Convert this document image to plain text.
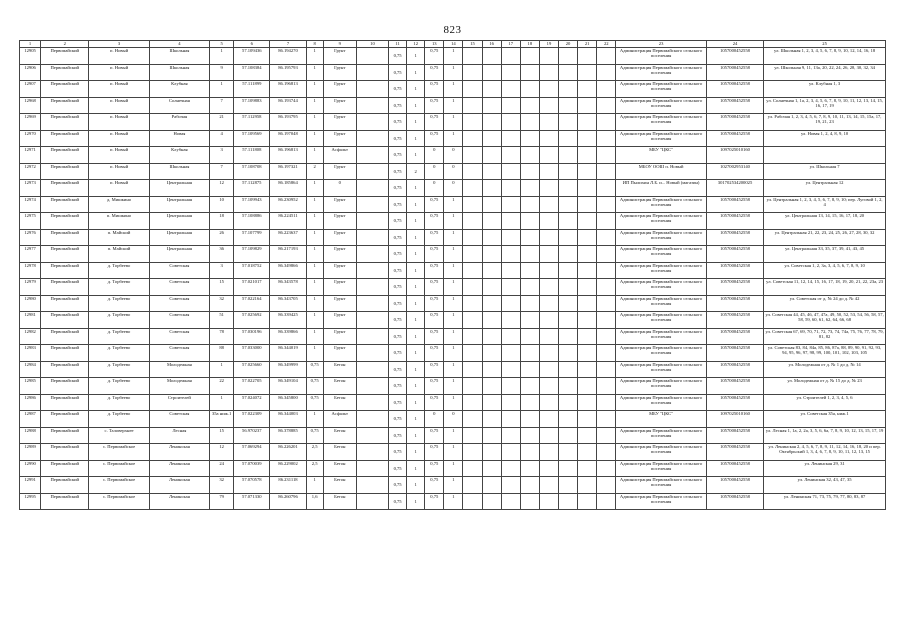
823
1	2	3	4	5	6	7	8	9	10	11	12	13	14	15	16	17	18	19	20	21	22	23	24	25
12905	Первомайский	п. Новый	Школьная	1	57.109436	86.194270	1	Грунт		0,75	1	0,75	1									Администрация Первомайского сельского поселения	1057000452558	ул. Школьная 1, 2, 3, 4, 5, 6, 7, 8, 9, 10, 12, 14, 16, 18
12906	Первомайский	п. Новый	Школьная	9	57.108384	86.195793	1	Грунт		0,75	1	0,75	1									Администрация Первомайского сельского поселения	1057000452558	ул. Школьная 9, 11, 13а, 20, 22, 24, 26, 28, 30, 32, 34
12907	Первомайский	п. Новый	Клубная	1	57.111899	86.196813	1	Грунт		0,75	1	0,75	1									Администрация Первомайского сельского поселения	1057000452558	ул. Клубная 1, 3
12968	Первомайский	п. Новый	Солнечная	7	57.109883	86.193744	1	Грунт		0,75	1	0,75	1									Администрация Первомайского сельского поселения	1057000452558	ул. Солнечная 1, 1а, 2, 3, 4, 5, 6, 7, 8, 9, 10, 11, 12, 13, 14, 15, 16, 17, 19
12969	Первомайский	п. Новый	Рабочая	21	57.112958	86.193795	1	Грунт		0,75	1	0,75	1									Администрация Первомайского сельского поселения	1057000452558	ул. Рабочая 1, 2, 3, 4, 5, 6, 7, 8, 9, 10, 11, 13, 14, 15, 15а, 17, 19, 21, 23
12970	Первомайский	п. Новый	Новая	4	57.109569	86.197048	1	Грунт		0,75	1	0,75	1									Администрация Первомайского сельского поселения	1057000452558	ул. Новая 1, 2, 4, 8, 9, 10
12971	Первомайский	п. Новый	Клубная	3	57.111808	86.196813	1	Асфальт		0,75	1	0	0									МБУ "ЦКС"	1097025010160	
12972	Первомайский	п. Новый	Школьная	7	57.108708	86.197321	2	Грунт		0,75	2	0	0									МБОУ ООШ п. Новый	1027002953140	ул. Школьная 7
12973	Первомайский	п. Новый	Центральная	12	57.112875	86.185864	1	0		0,75	1	0	0									ИП Пылихин Л.Б. и... Новый (магазин)	301702534200025	ул. Центральная 12
12974	Первомайский	д. Мишкино	Центральная	10	57.109943	86.230952	1	Грунт		0,75	1	0,75	1									Администрация Первомайского сельского поселения	1057000452558	ул. Центральная 1, 2, 3, 4, 5, 6, 7, 8, 9, 10; пер. Луговой 1, 2, 4
12975	Первомайский	п. Мишкино	Центральная	18	57.108886	86.224511	1	Грунт		0,75	1	0,75	1									Администрация Первомайского сельского поселения	1057000452558	ул. Центральная 13, 14, 15, 16, 17, 18, 20
12976	Первомайский	п. Майский	Центральная	26	57.107799	86.223637	1	Грунт		0,75	1	0,75	1									Администрация Первомайского сельского поселения	1057000452558	ул. Центральная 21, 22, 23, 24, 25, 26, 27, 28, 30, 32
12977	Первомайский	п. Майский	Центральная	36	57.109829	86.217193	1	Грунт		0,75	1	0,75	1									Администрация Первомайского сельского поселения	1057000452558	ул. Центральная 33, 35, 37, 39, 41, 43, 45
12978	Первомайский	д. Торбеево	Советская	3	57.018752	86.349866	1	Грунт		0,75	1	0,75	1									Администрация Первомайского сельского поселения	1057000452558	ул. Советская 1, 2, 3а, 3, 4, 5, 6, 7, 8, 9, 10
12979	Первомайский	д. Торбеево	Советская	15	57.021017	86.343578	1	Грунт		0,75	1	0,75	1									Администрация Первомайского сельского поселения	1057000452558	ул. Советская 11, 12, 14, 15, 16, 17, 18, 19, 20, 21, 22, 23а, 23
12980	Первомайский	д. Торбеево	Советская	32	57.022164	86.343705	1	Грунт		0,75	1	0,75	1									Администрация Первомайского сельского поселения	1057000452558	ул. Советская от д. № 24 до д. № 42
12981	Первомайский	д. Торбеево	Советская	51	57.025692	86.339425	1	Грунт		0,75	1	0,75	1									Администрация Первомайского сельского поселения	1057000452558	ул. Советская 44, 45, 46, 47, 47а, 49, 50, 52, 53, 54, 56, 58, 57, 58, 59, 60, 61, 62, 64, 66, 68
12982	Первомайский	д. Торбеево	Советская	78	57.030196	86.339866	1	Грунт		0,75	1	0,75	1									Администрация Первомайского сельского поселения	1057000452558	ул. Советская 67, 69, 70, 71, 72, 73, 74, 74а, 75, 76, 77, 78, 79, 81, 82
12983	Первомайский	д. Торбеево	Советская	88	57.033000	86.344019	1	Грунт		0,75	1	0,75	1									Администрация Первомайского сельского поселения	1057000452558	ул. Советская 83, 84, 84а, 85, 86, 87а, 88, 89, 90, 91, 92, 93, 94, 95, 96, 97, 98, 99, 100, 101, 102, 103, 105
12984	Первомайский	д. Торбеево	Молодежная	1	57.025660	86.349999	0,75	Бетон		0,75	1	0,75	1									Администрация Первомайского сельского поселения	1057000452558	ул. Молодежная от д. № 1 до д. № 14
12985	Первомайский	д. Торбеево	Молодежная	22	57.022705	86.349104	0,75	Бетон		0,75	1	0,75	1									Администрация Первомайского сельского поселения	1057000452558	ул. Молодежная от д. № 15 до д. № 23
12986	Первомайский	д. Торбеево	Строителей	1	57.024072	86.345800	0,75	Бетон		0,75	1	0,75	1									Администрация Первомайского сельского поселения	1057000452558	ул. Строителей 1, 2, 3, 4, 5, 6
12987	Первомайский	д. Торбеево	Советская	35а ниж.1	57.022309	86.344003	1	Асфальт		0,75	1	0	0									МБУ "ЦКС"	1097025010160	ул. Советская 35а, ниж.1
12988	Первомайский	с. Таловерхнее	Лесная	15	56.970237	86.378885	0,75	Бетон		0,75	1	0,75	1									Администрация Первомайского сельского поселения	1057000452558	ул. Лесная 1, 1а, 2, 2а, 3, 5, 6, 6а, 7, 8, 9, 10, 12, 13, 15, 17, 19
12989	Первомайский	с. Первомайское	Ленинская	12	57.069294	86.226201	2,5	Бетон		0,75	1	0,75	1									Администрация Первомайского сельского поселения	1057000452558	ул. Ленинская 2, 4, 5, 6, 7, 8, 9, 11, 12, 14, 16, 18, 20 и пер. Октябрьский 1, 3, 4, 6, 7, 8, 9, 10, 11, 12, 13, 15
12990	Первомайский	с. Первомайское	Ленинская	24	57.070039	86.229002	2,5	Бетон		0,75	1	0,75	1									Администрация Первомайского сельского поселения	1057000452558	ул. Ленинская 29, 31
12991	Первомайский	с. Первомайское	Ленинская	32	57.070578	86.231118	1	Бетон		0,75	1	0,75	1									Администрация Первомайского сельского поселения	1057000452558	ул. Ленинская 32, 43, 47, 35
12995	Первомайский	с. Первомайское	Ленинская	79	57.071330	86.260796	1,6	Бетон		0,75	1	0,75	1									Администрация Первомайского сельского поселения	1057000452558	ул. Ленинская 71, 73, 75, 79, 77, 80, 83, 87
